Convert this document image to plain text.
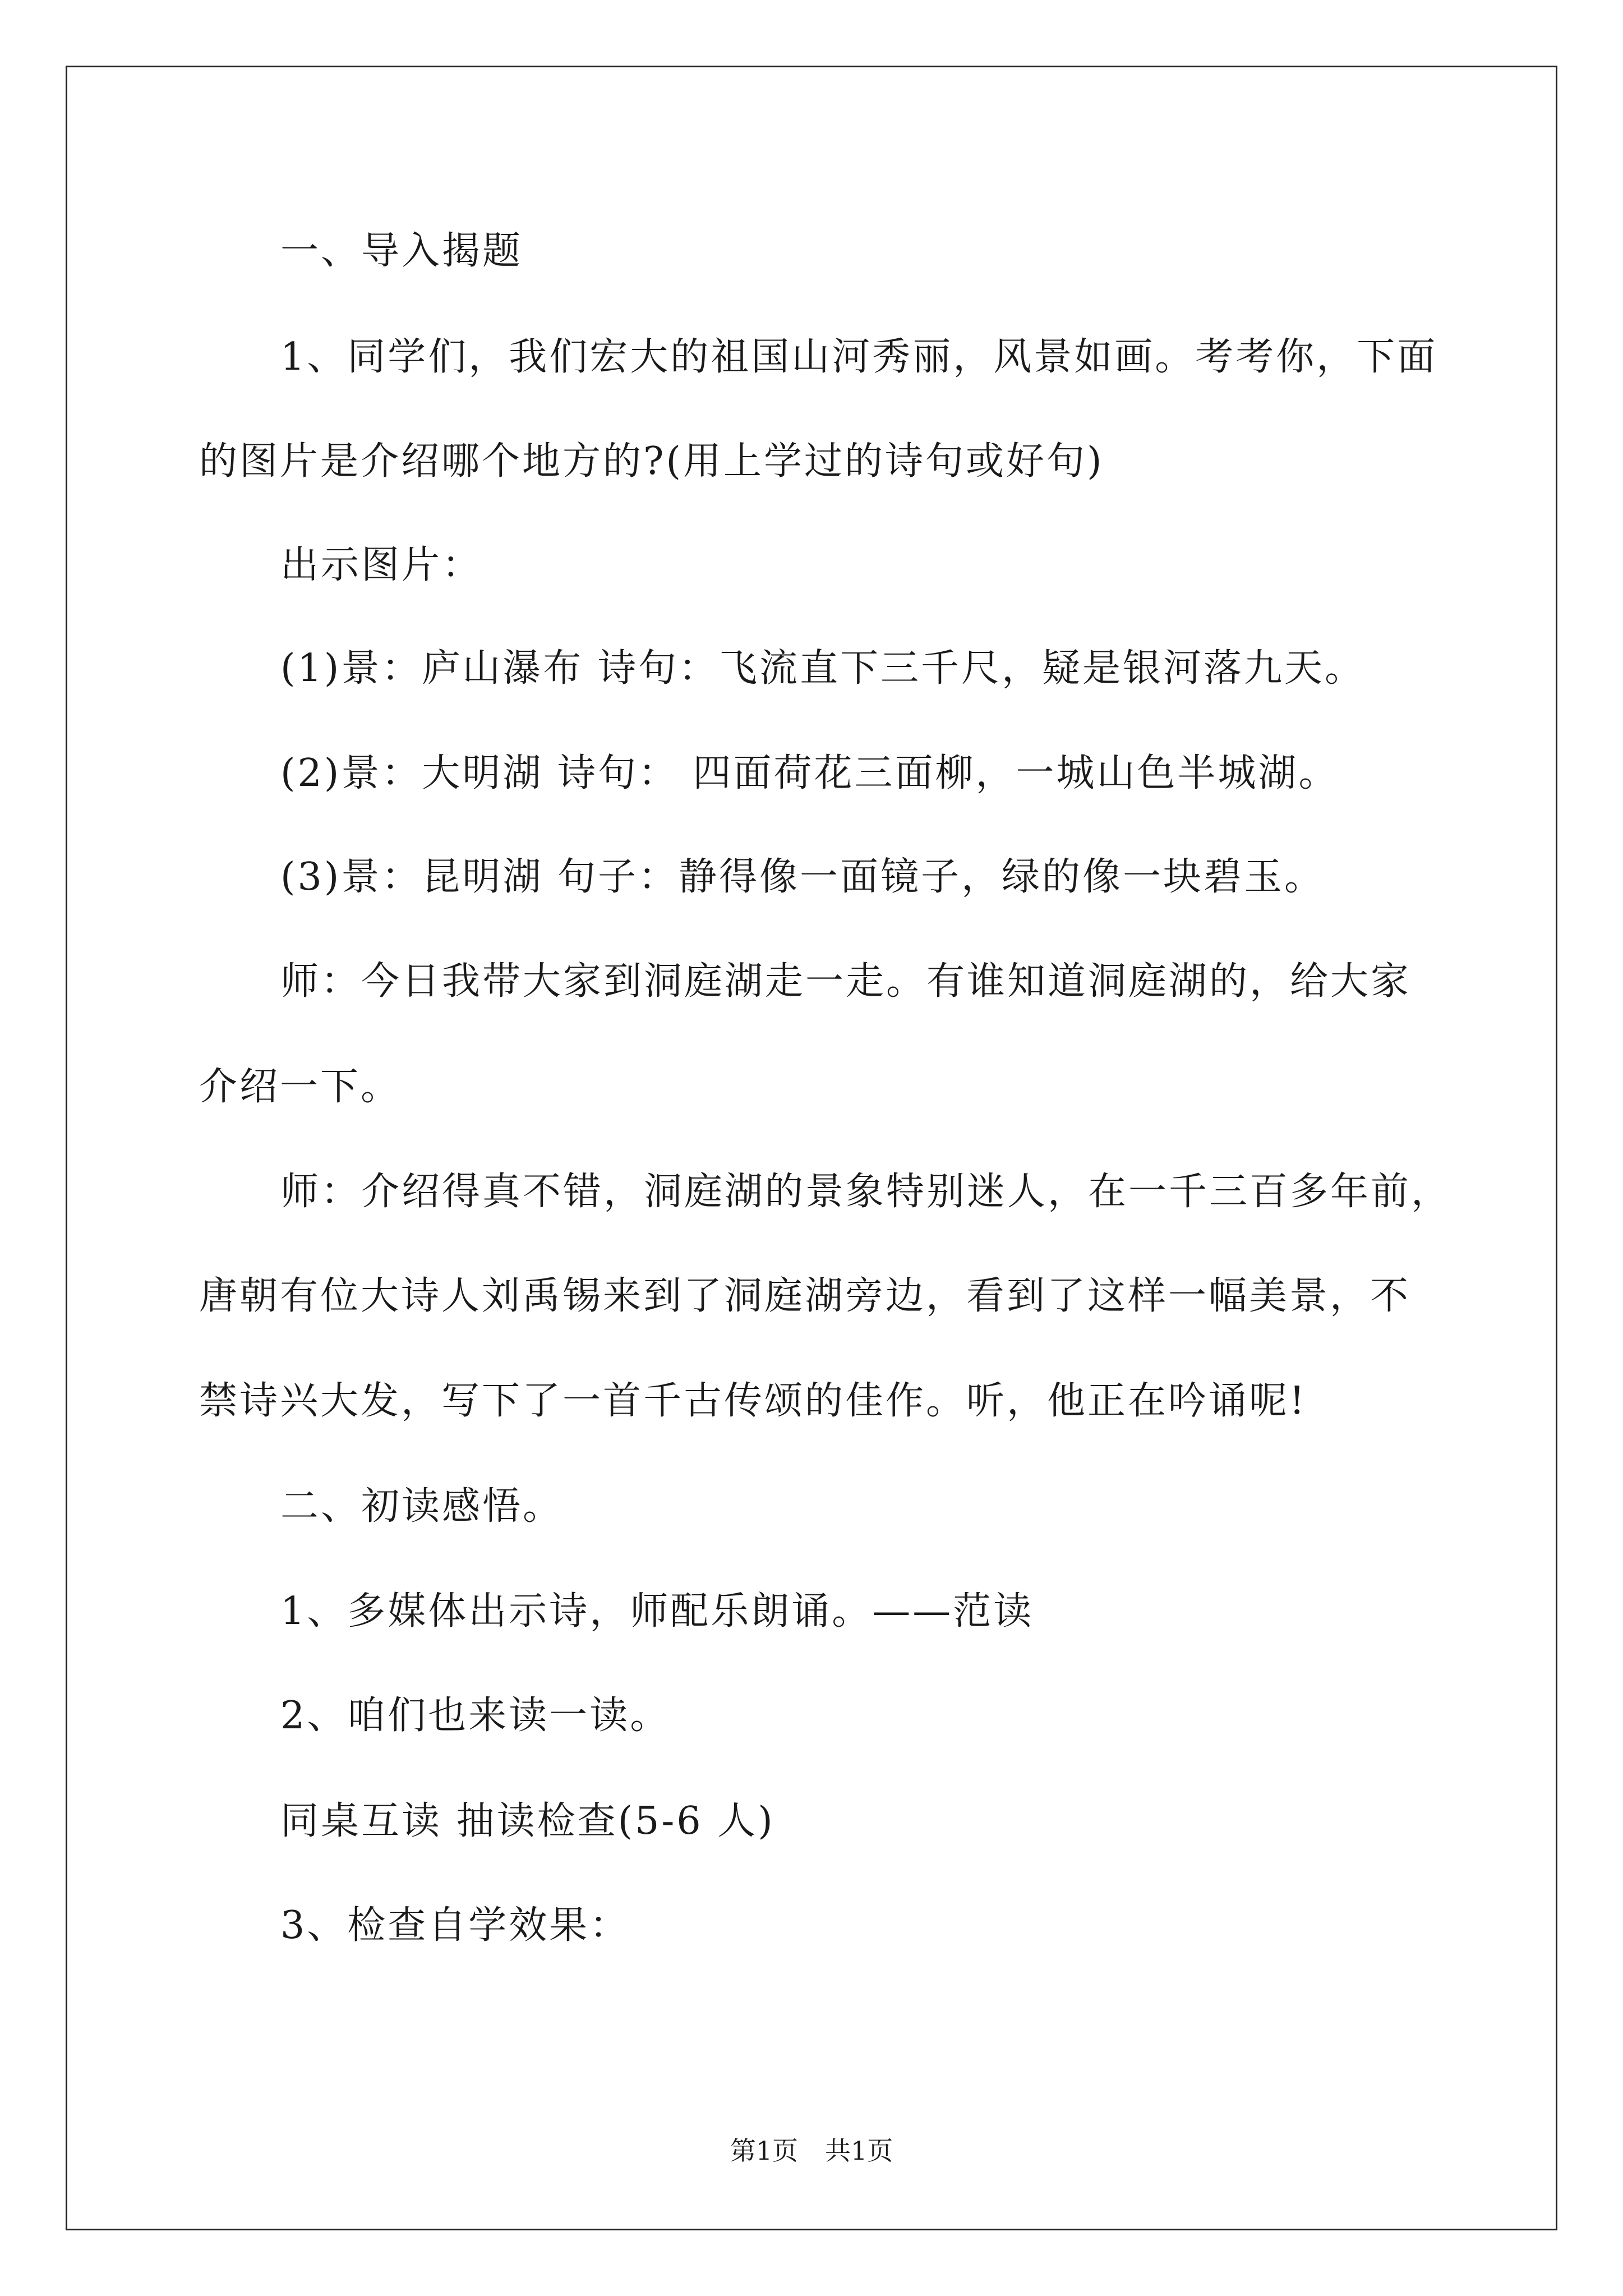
一、导入揭题
1、同学们，我们宏大的祖国山河秀丽，风景如画。考考你，下面
的图片是介绍哪个地方的?(用上学过的诗句或好句)
出示图片：
(1)景：庐山瀑布 诗句：飞流直下三千尺，疑是银河落九天。
(2)景：大明湖 诗句： 四面荷花三面柳，一城山色半城湖。
(3)景：昆明湖 句子：静得像一面镜子，绿的像一块碧玉。
师：今日我带大家到洞庭湖走一走。有谁知道洞庭湖的，给大家
介绍一下。
师：介绍得真不错，洞庭湖的景象特别迷人，在一千三百多年前，
唐朝有位大诗人刘禹锡来到了洞庭湖旁边，看到了这样一幅美景，不
禁诗兴大发，写下了一首千古传颂的佳作。听，他正在吟诵呢!
二、初读感悟。
1、多媒体出示诗，师配乐朗诵。——范读
2、咱们也来读一读。
同桌互读 抽读检查(5-6 人)
3、检查自学效果：
第1页 共1页
